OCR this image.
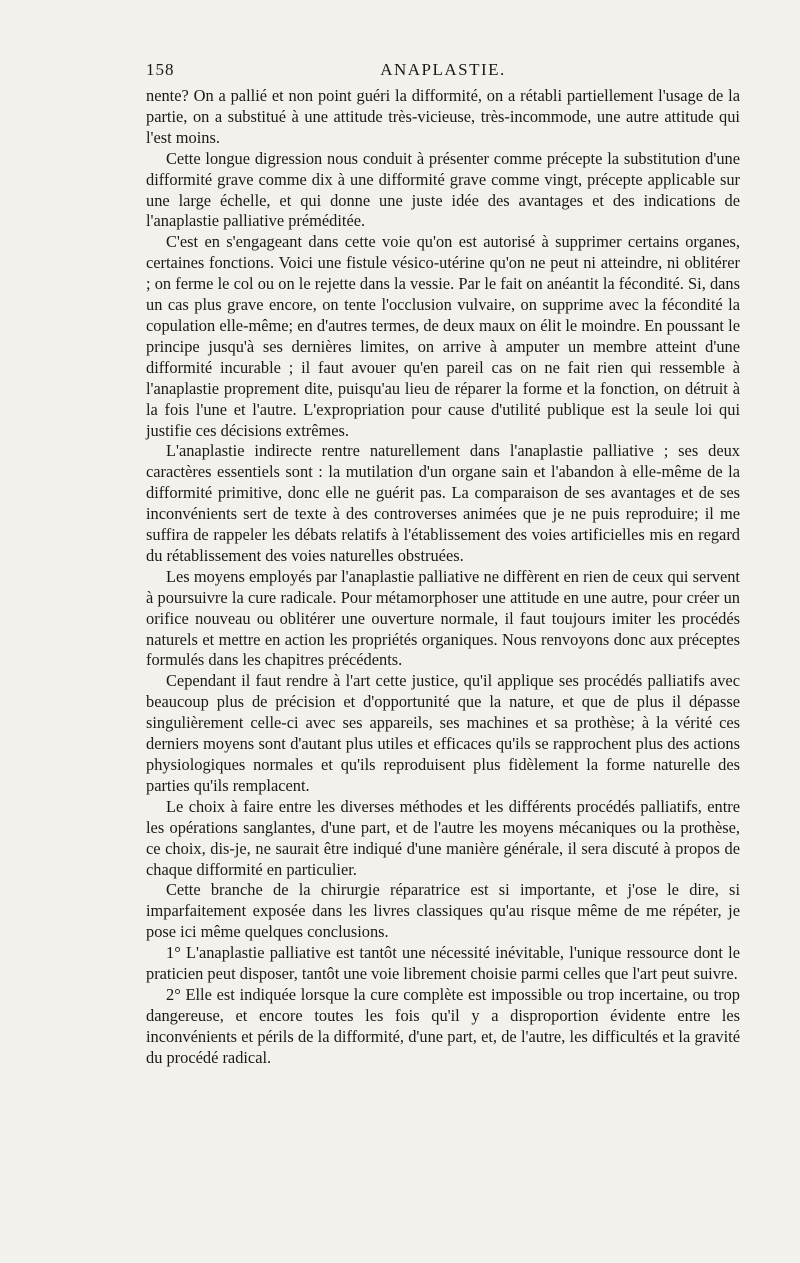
158	ANAPLASTIE.

nente? On a pallié et non point guéri la difformité, on a rétabli partiellement l'usage de la partie, on a substitué à une attitude très-vicieuse, très-incommode, une autre attitude qui l'est moins.

Cette longue digression nous conduit à présenter comme précepte la substitution d'une difformité grave comme dix à une difformité grave comme vingt, précepte applicable sur une large échelle, et qui donne une juste idée des avantages et des indications de l'anaplastie palliative préméditée.

C'est en s'engageant dans cette voie qu'on est autorisé à supprimer certains organes, certaines fonctions. Voici une fistule vésico-utérine qu'on ne peut ni atteindre, ni oblitérer ; on ferme le col ou on le rejette dans la vessie. Par le fait on anéantit la fécondité. Si, dans un cas plus grave encore, on tente l'occlusion vulvaire, on supprime avec la fécondité la copulation elle-même; en d'autres termes, de deux maux on élit le moindre. En poussant le principe jusqu'à ses dernières limites, on arrive à amputer un membre atteint d'une difformité incurable ; il faut avouer qu'en pareil cas on ne fait rien qui ressemble à l'anaplastie proprement dite, puisqu'au lieu de réparer la forme et la fonction, on détruit à la fois l'une et l'autre. L'expropriation pour cause d'utilité publique est la seule loi qui justifie ces décisions extrêmes.

L'anaplastie indirecte rentre naturellement dans l'anaplastie palliative ; ses deux caractères essentiels sont : la mutilation d'un organe sain et l'abandon à elle-même de la difformité primitive, donc elle ne guérit pas. La comparaison de ses avantages et de ses inconvénients sert de texte à des controverses animées que je ne puis reproduire; il me suffira de rappeler les débats relatifs à l'établissement des voies artificielles mis en regard du rétablissement des voies naturelles obstruées.

Les moyens employés par l'anaplastie palliative ne diffèrent en rien de ceux qui servent à poursuivre la cure radicale. Pour métamorphoser une attitude en une autre, pour créer un orifice nouveau ou oblitérer une ouverture normale, il faut toujours imiter les procédés naturels et mettre en action les propriétés organiques. Nous renvoyons donc aux préceptes formulés dans les chapitres précédents.

Cependant il faut rendre à l'art cette justice, qu'il applique ses procédés palliatifs avec beaucoup plus de précision et d'opportunité que la nature, et que de plus il dépasse singulièrement celle-ci avec ses appareils, ses machines et sa prothèse; à la vérité ces derniers moyens sont d'autant plus utiles et efficaces qu'ils se rapprochent plus des actions physiologiques normales et qu'ils reproduisent plus fidèlement la forme naturelle des parties qu'ils remplacent.

Le choix à faire entre les diverses méthodes et les différents procédés palliatifs, entre les opérations sanglantes, d'une part, et de l'autre les moyens mécaniques ou la prothèse, ce choix, dis-je, ne saurait être indiqué d'une manière générale, il sera discuté à propos de chaque difformité en particulier.

Cette branche de la chirurgie réparatrice est si importante, et j'ose le dire, si imparfaitement exposée dans les livres classiques qu'au risque même de me répéter, je pose ici même quelques conclusions.

1° L'anaplastie palliative est tantôt une nécessité inévitable, l'unique ressource dont le praticien peut disposer, tantôt une voie librement choisie parmi celles que l'art peut suivre.

2° Elle est indiquée lorsque la cure complète est impossible ou trop incertaine, ou trop dangereuse, et encore toutes les fois qu'il y a disproportion évidente entre les inconvénients et périls de la difformité, d'une part, et, de l'autre, les difficultés et la gravité du procédé radical.
